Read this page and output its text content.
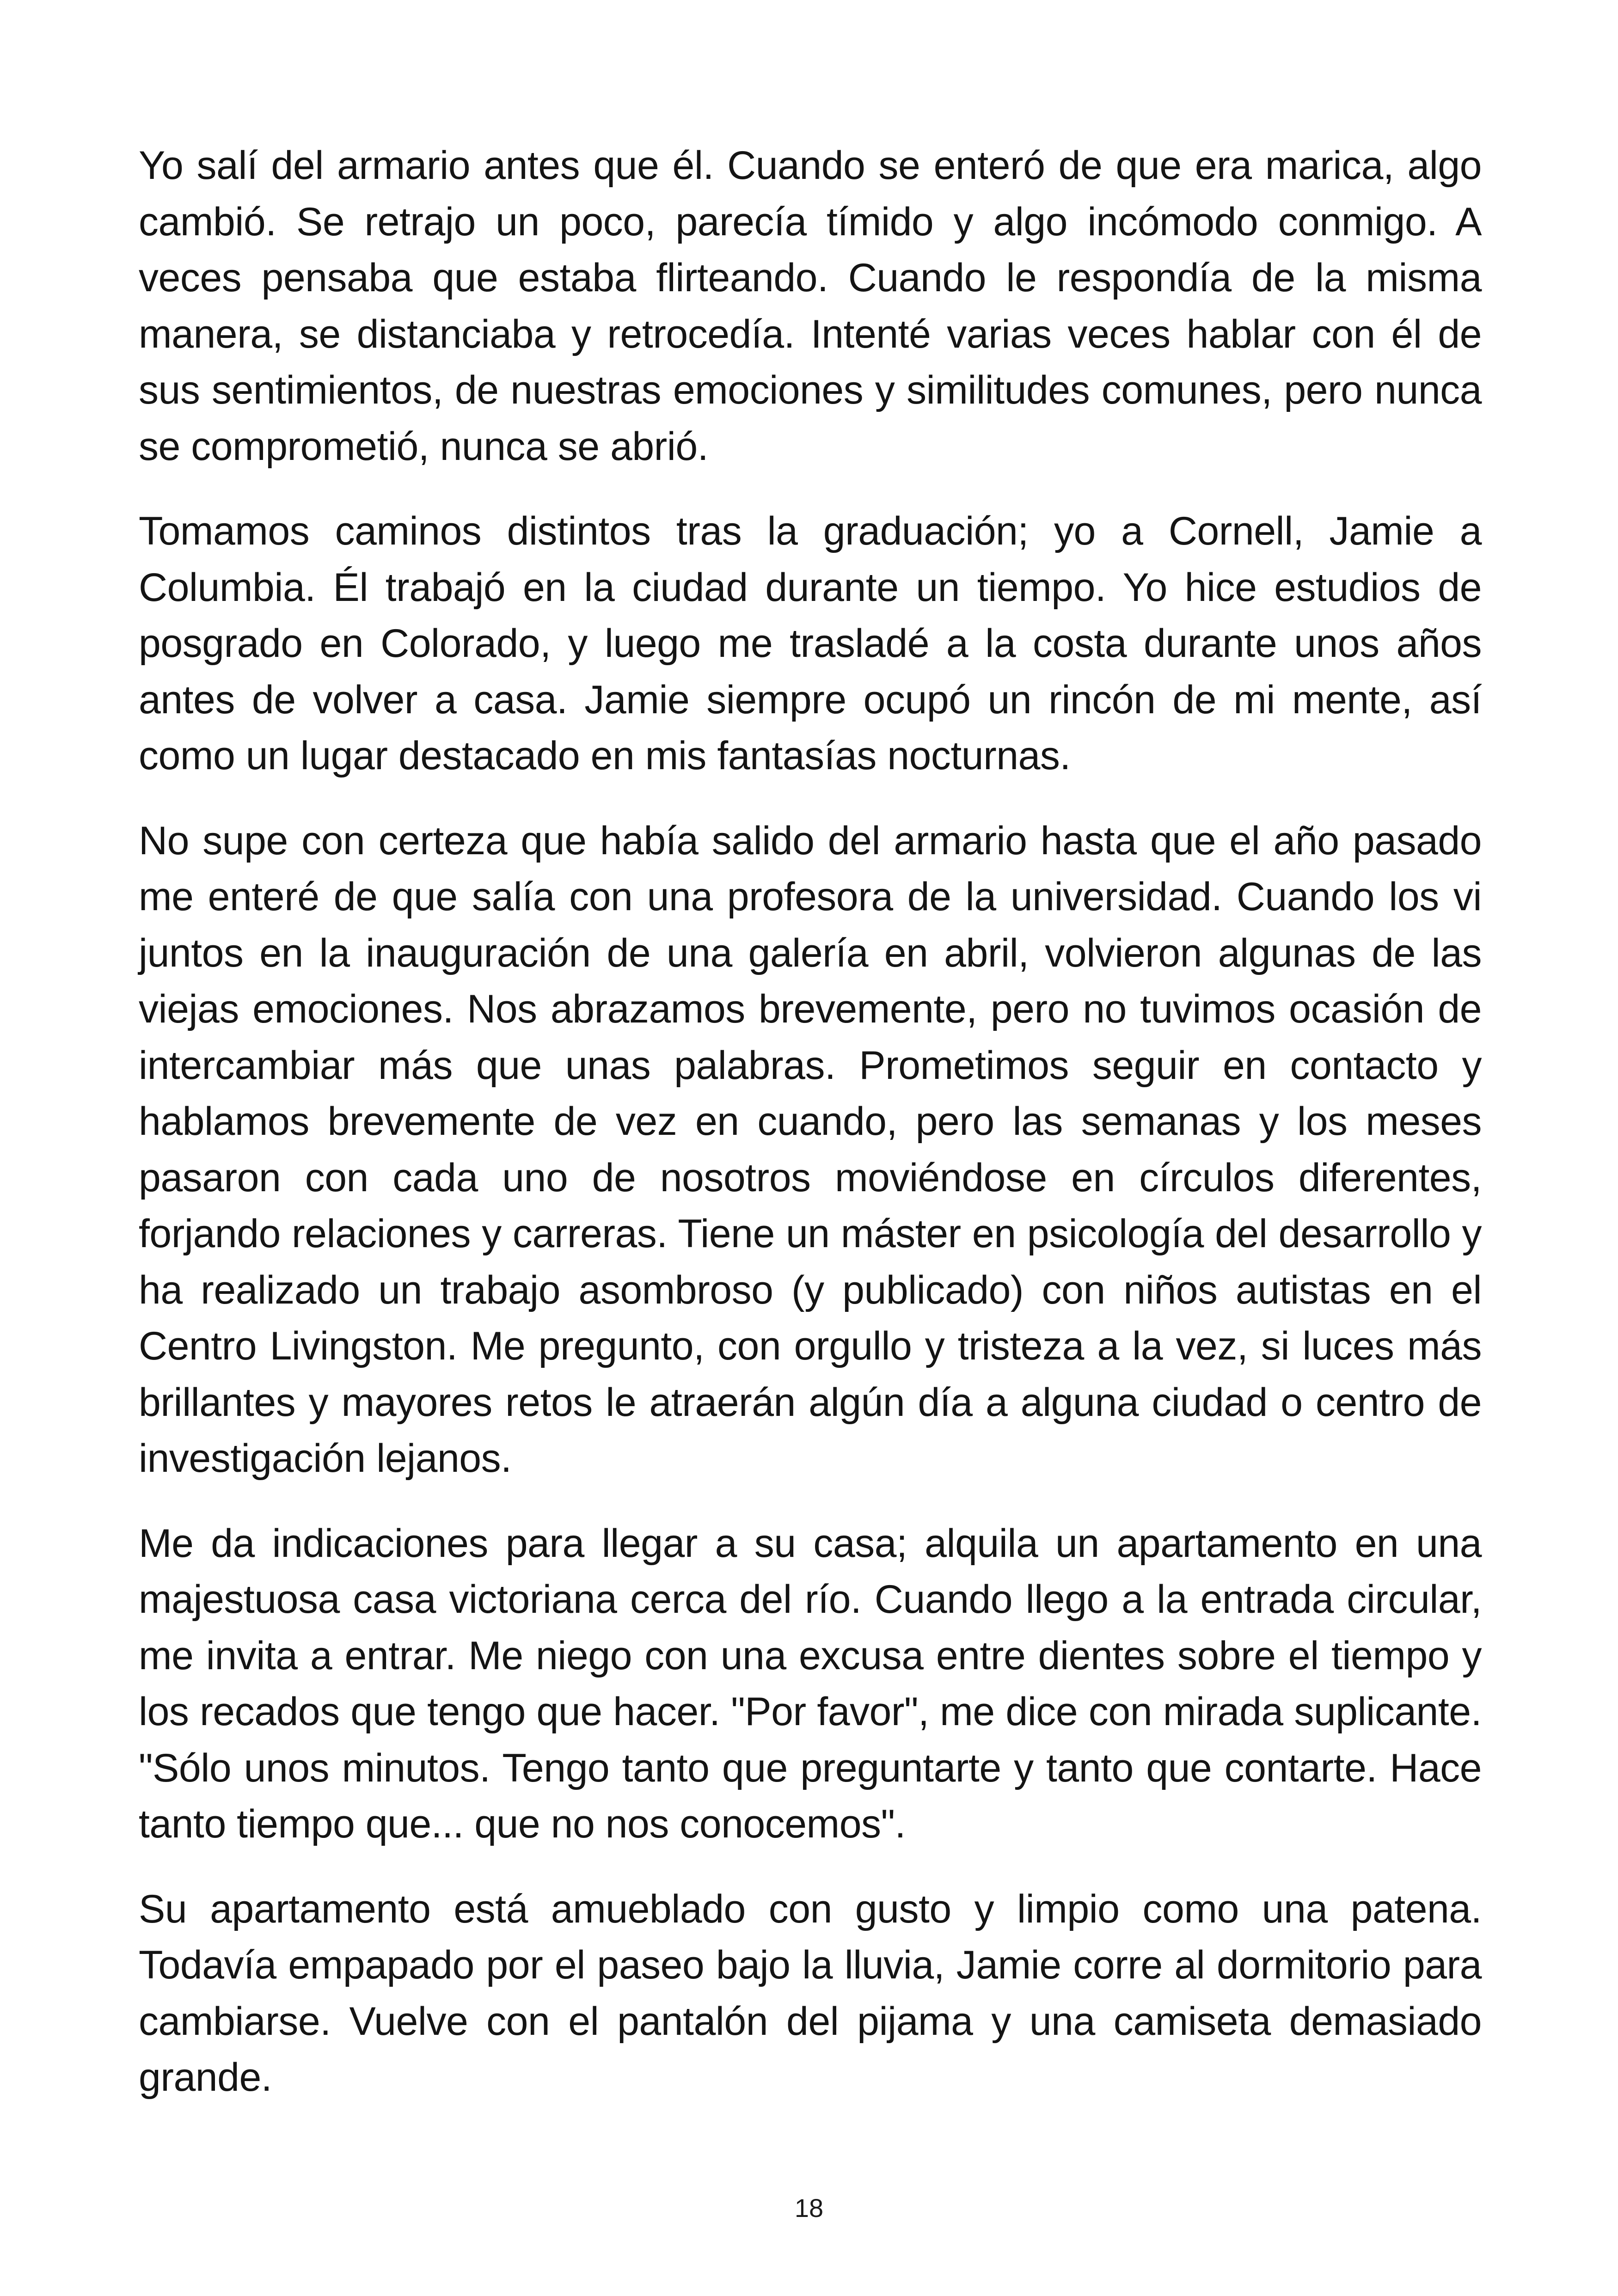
Yo salí del armario antes que él. Cuando se enteró de que era marica, algo cambió. Se retrajo un poco, parecía tímido y algo incómodo conmigo. A veces pensaba que estaba flirteando. Cuando le respondía de la misma manera, se distanciaba y retrocedía. Intenté varias veces hablar con él de sus sentimientos, de nuestras emociones y similitudes comunes, pero nunca se comprometió, nunca se abrió.

Tomamos caminos distintos tras la graduación; yo a Cornell, Jamie a Columbia. Él trabajó en la ciudad durante un tiempo. Yo hice estudios de posgrado en Colorado, y luego me trasladé a la costa durante unos años antes de volver a casa. Jamie siempre ocupó un rincón de mi mente, así como un lugar destacado en mis fantasías nocturnas.

No supe con certeza que había salido del armario hasta que el año pasado me enteré de que salía con una profesora de la universidad. Cuando los vi juntos en la inauguración de una galería en abril, volvieron algunas de las viejas emociones. Nos abrazamos brevemente, pero no tuvimos ocasión de intercambiar más que unas palabras. Prometimos seguir en contacto y hablamos brevemente de vez en cuando, pero las semanas y los meses pasaron con cada uno de nosotros moviéndose en círculos diferentes, forjando relaciones y carreras. Tiene un máster en psicología del desarrollo y ha realizado un trabajo asombroso (y publicado) con niños autistas en el Centro Livingston. Me pregunto, con orgullo y tristeza a la vez, si luces más brillantes y mayores retos le atraerán algún día a alguna ciudad o centro de investigación lejanos.

Me da indicaciones para llegar a su casa; alquila un apartamento en una majestuosa casa victoriana cerca del río. Cuando llego a la entrada circular, me invita a entrar. Me niego con una excusa entre dientes sobre el tiempo y los recados que tengo que hacer. "Por favor", me dice con mirada suplicante. "Sólo unos minutos. Tengo tanto que preguntarte y tanto que contarte. Hace tanto tiempo que... que no nos conocemos".

Su apartamento está amueblado con gusto y limpio como una patena. Todavía empapado por el paseo bajo la lluvia, Jamie corre al dormitorio para cambiarse. Vuelve con el pantalón del pijama y una camiseta demasiado grande.

18
